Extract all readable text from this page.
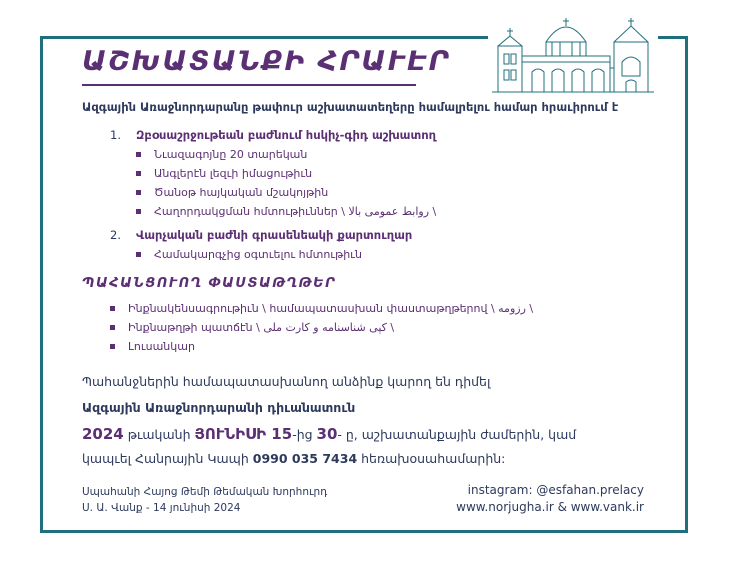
ԱՇԽԱՏԱՆՔԻ ՀՐԱՒԷՐ
Ազգային Առաջնորդարանը թափուր աշխատատեղերը համալրելու համար հրաւիրում է
1. Զբօսաշրջութեան բաժնում հսկիչ-գիդ աշխատող
Նւազագոյնը 20 տարեկան
Անգլերէն լեզւի իմացութիւն
Ծանօթ հայկական մշակոյթին
Հաղորդակցման հմտութիւններ \ روابط عمومی بالا \
2. Վարչական բաժնի գրասենեակի քարտուղար
Համակարգչից օգտւելու հմտութիւն
ՊԱՀԱՆՑՈՒՈՂ ՓԱՍՏԱԹՂԹԵՐ
Ինքնակենսագրութիւն \ համապատասխան փաստաթղթերով \ رزومه \
Ինքնաթղթի պատճէն \ کپی شناسنامه و کارت ملی \
Լուսանկար
Պահանջներին համապատասխանող անձինք կարող են դիմել
Ազգային Առաջնորդարանի դիւանատուն
2024 թւականի ՅՈՒՆԻՍԻ 15-ից 30- ը, աշխատանքային ժամերին, կամ
կապւել Հանրային Կապի 0990 035 7434 հեռախօսահամարին:
Սպահանի Հայոց Թեմի Թեմական Խորհուրդ
Ս. Ա. Վանք - 14 յունիսի 2024
instagram: @esfahan.prelacy
www.norjugha.ir & www.vank.ir
